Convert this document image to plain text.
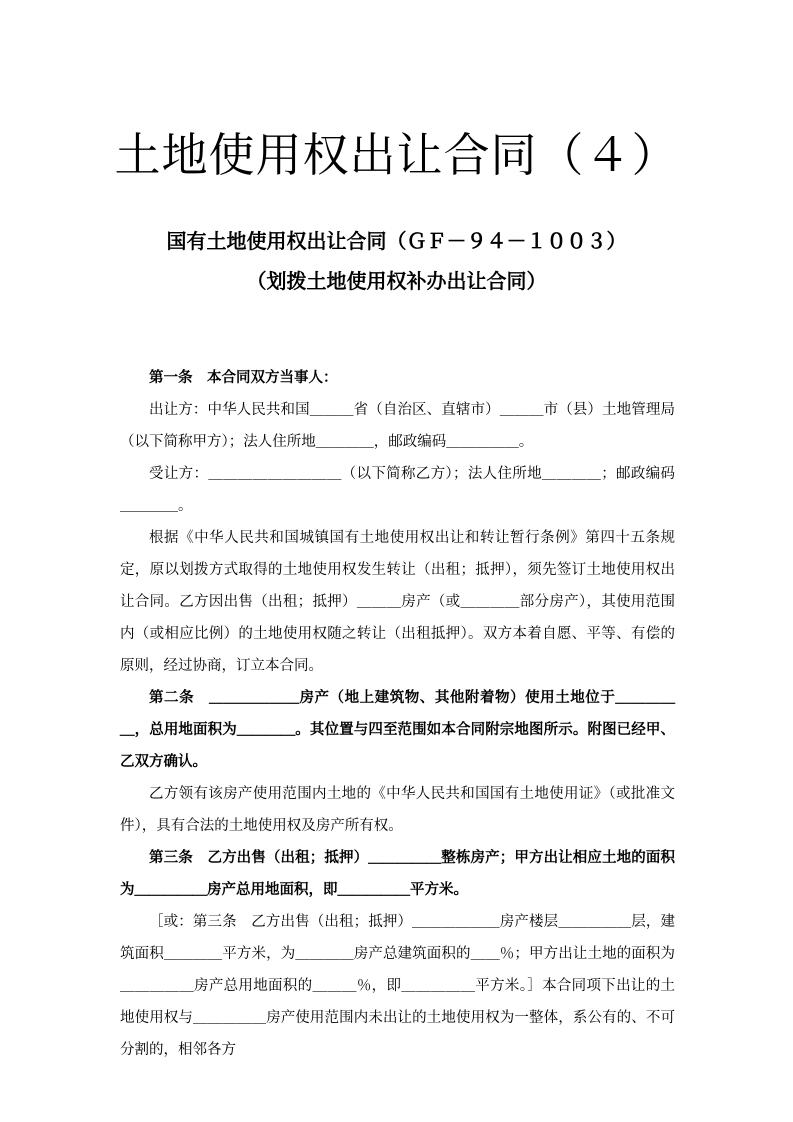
土地使用权出让合同（４）
国有土地使用权出让合同（ＧＦ－９４－１００３）
（划拨土地使用权补办出让合同）

第一条　本合同双方当事人：

出让方：中华人民共和国＿＿＿省（自治区、直辖市）＿＿＿市（县）土地管理局（以下简称甲方）；法人住所地＿＿＿＿，邮政编码＿＿＿＿＿。

受让方：＿＿＿＿＿＿＿＿＿（以下简称乙方）；法人住所地＿＿＿＿；邮政编码＿＿＿＿。

根据《中华人民共和国城镇国有土地使用权出让和转让暂行条例》第四十五条规定，原以划拨方式取得的土地使用权发生转让（出租；抵押），须先签订土地使用权出让合同。乙方因出售（出租；抵押）＿＿＿房产（或＿＿＿＿部分房产），其使用范围内（或相应比例）的土地使用权随之转让（出租抵押）。双方本着自愿、平等、有偿的原则，经过协商，订立本合同。

第二条　＿＿＿＿＿＿房产（地上建筑物、其他附着物）使用土地位于＿＿＿＿＿，总用地面积为＿＿＿＿。其位置与四至范围如本合同附宗地图所示。附图已经甲、乙双方确认。

乙方领有该房产使用范围内土地的《中华人民共和国国有土地使用证》（或批准文件），具有合法的土地使用权及房产所有权。

第三条　乙方出售（出租；抵押）＿＿＿＿＿整栋房产；甲方出让相应土地的面积为＿＿＿＿＿房产总用地面积，即＿＿＿＿＿平方米。

［或：第三条　乙方出售（出租；抵押）＿＿＿＿＿＿房产楼层＿＿＿＿＿层，建筑面积＿＿＿＿平方米，为＿＿＿＿房产总建筑面积的＿＿％；甲方出让土地的面积为＿＿＿＿＿房产总用地面积的＿＿＿％，即＿＿＿＿＿平方米。］本合同项下出让的土地使用权与＿＿＿＿＿房产使用范围内未出让的土地使用权为一整体，系公有的、不可分割的，相邻各方
